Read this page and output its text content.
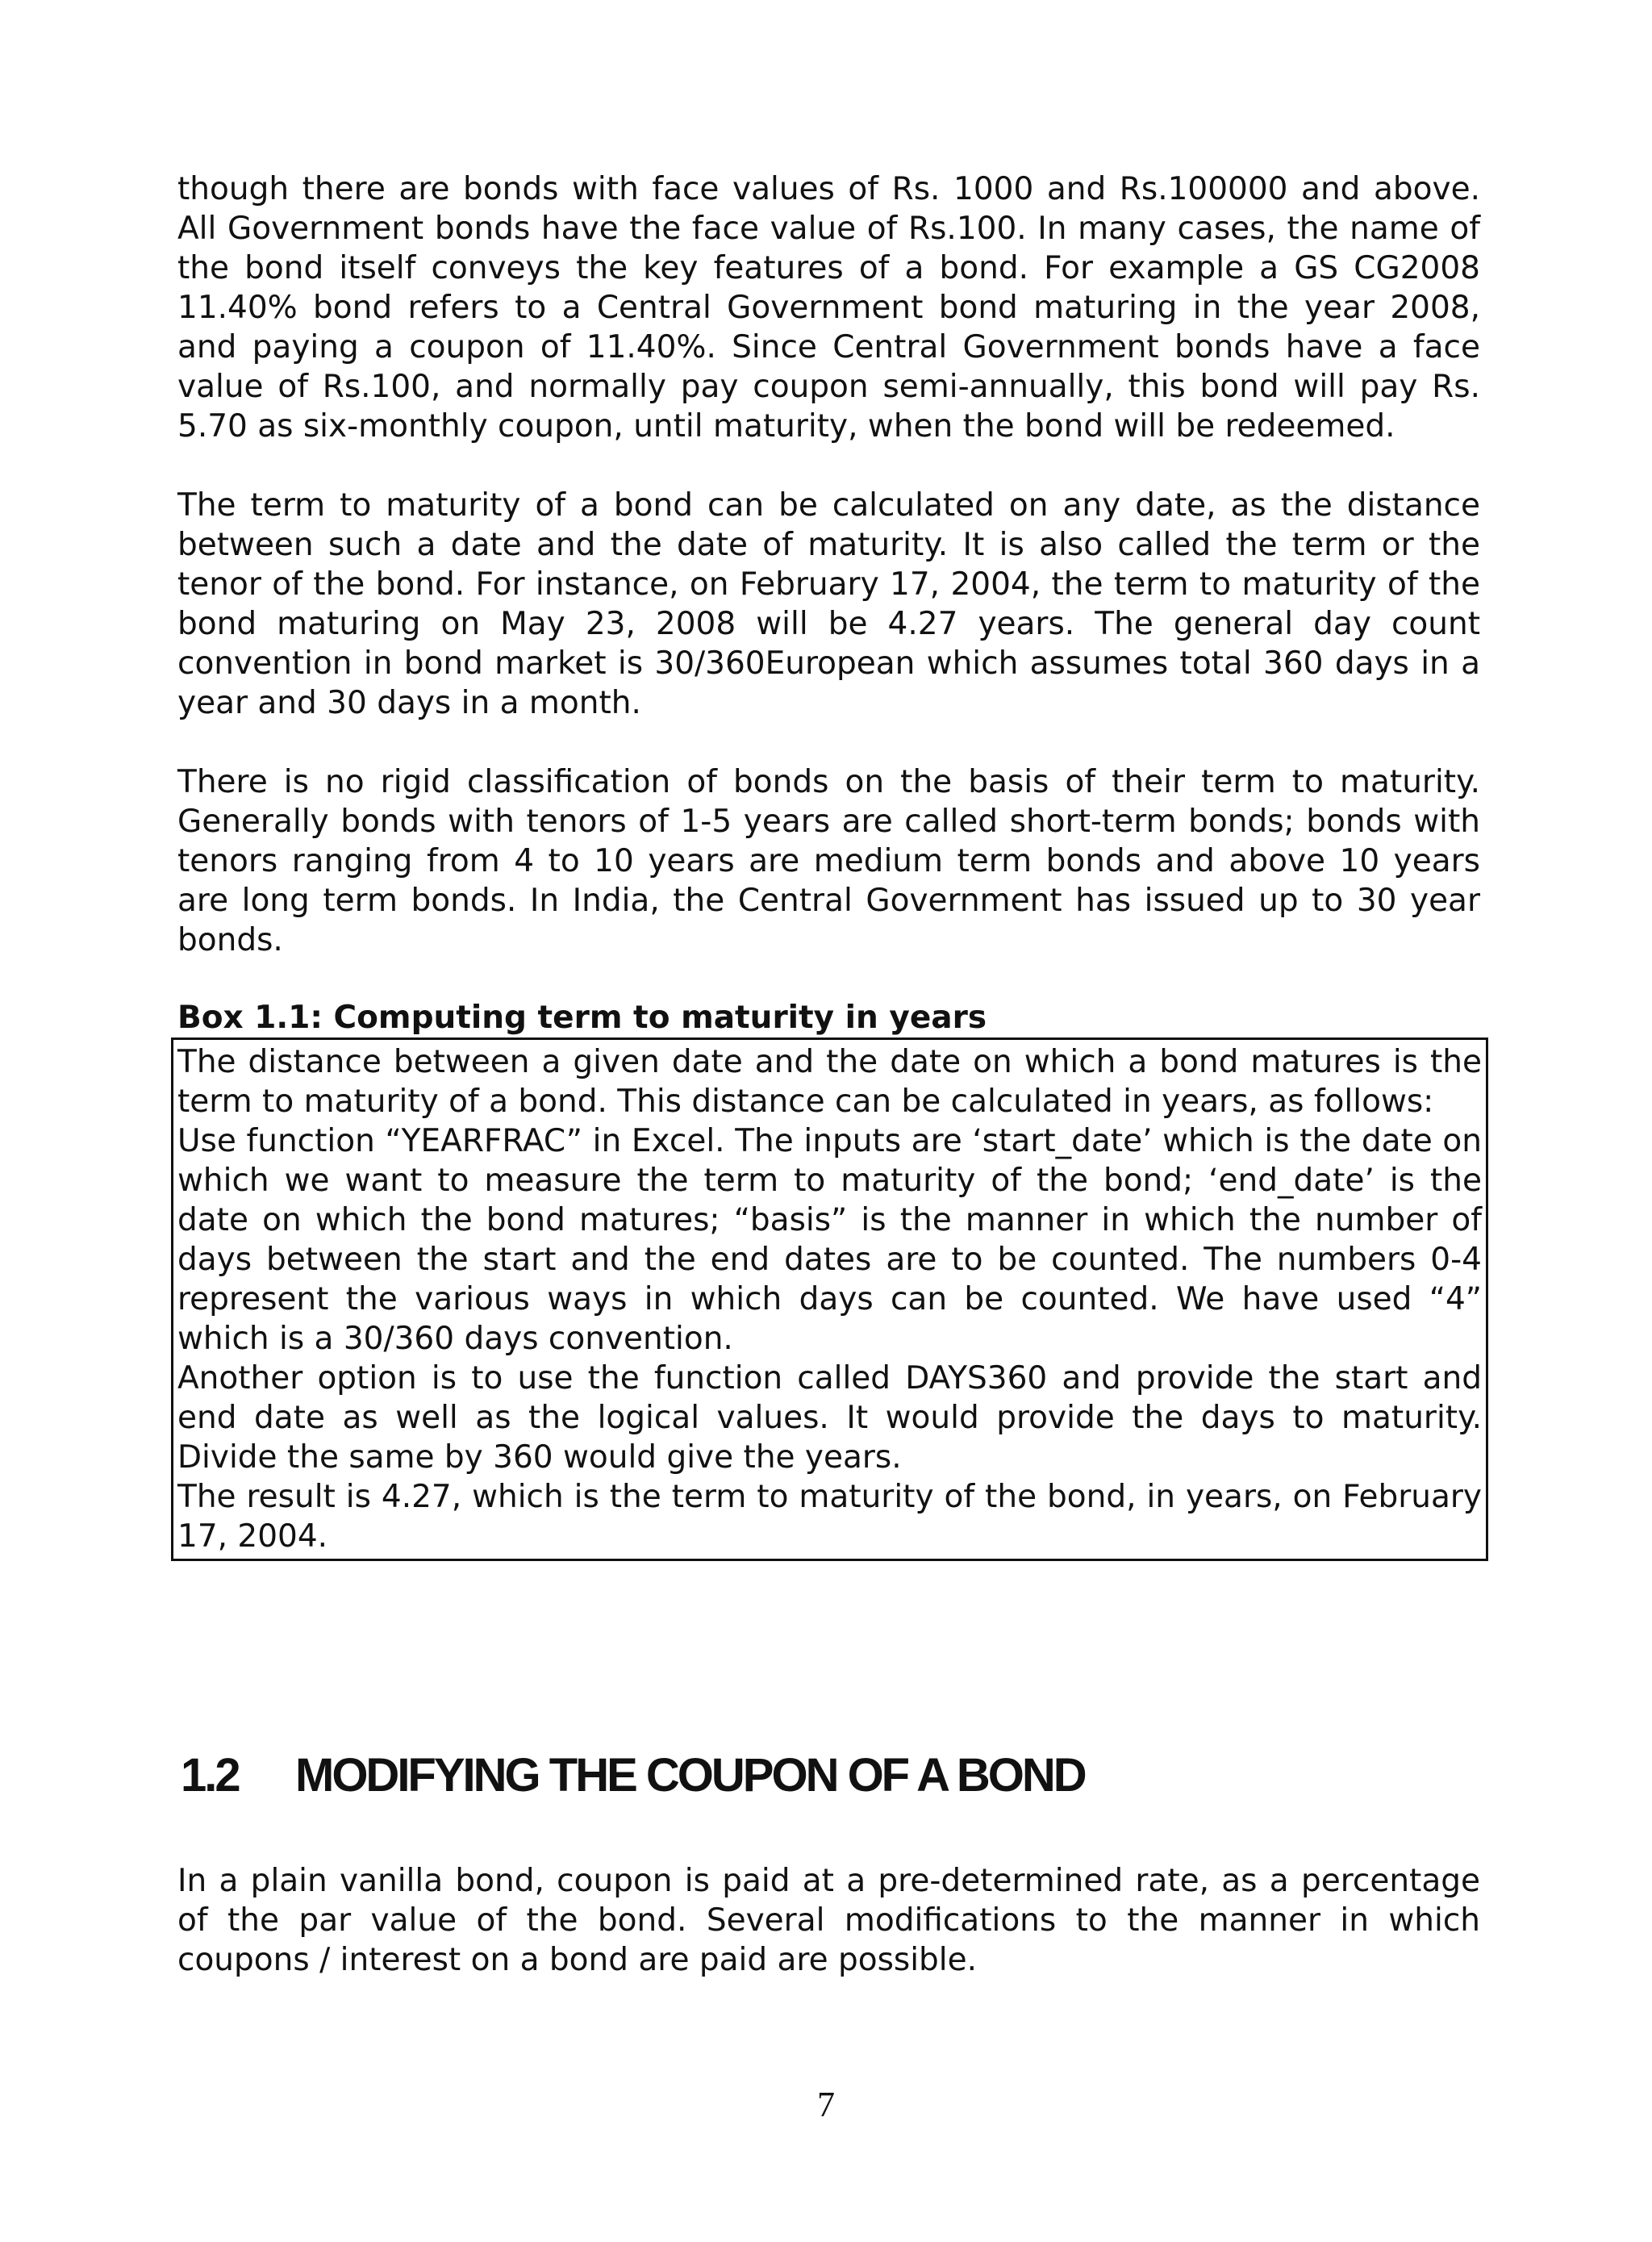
though there are bonds with face values of Rs. 1000 and Rs.100000 and above. All Government bonds have the face value of Rs.100. In many cases, the name of the bond itself conveys the key features of a bond. For example a GS CG2008 11.40% bond refers to a Central Government bond maturing in the year 2008, and paying a coupon of 11.40%. Since Central Government bonds have a face value of Rs.100, and normally pay coupon semi-annually, this bond will pay Rs. 5.70 as six-monthly coupon, until maturity, when the bond will be redeemed.

The term to maturity of a bond can be calculated on any date, as the distance between such a date and the date of maturity. It is also called the term or the tenor of the bond. For instance, on February 17, 2004, the term to maturity of the bond maturing on May 23, 2008 will be 4.27 years. The general day count convention in bond market is 30/360European which assumes total 360 days in a year and 30 days in a month.

There is no rigid classification of bonds on the basis of their term to maturity. Generally bonds with tenors of 1-5 years are called short-term bonds; bonds with tenors ranging from 4 to 10 years are medium term bonds and above 10 years are long term bonds. In India, the Central Government has issued up to 30 year bonds.

Box 1.1: Computing term to maturity in years

The distance between a given date and the date on which a bond matures is the term to maturity of a bond. This distance can be calculated in years, as follows:

Use function “YEARFRAC” in Excel. The inputs are ‘start_date’ which is the date on which we want to measure the term to maturity of the bond; ‘end_date’ is the date on which the bond matures; “basis” is the manner in which the number of days between the start and the end dates are to be counted. The numbers 0-4 represent the various ways in which days can be counted. We have used “4” which is a 30/360 days convention.

Another option is to use the function called DAYS360 and provide the start and end date as well as the logical values. It would provide the days to maturity. Divide the same by 360 would give the years.

The result is 4.27, which is the term to maturity of the bond, in years, on February 17, 2004.

1.2 MODIFYING THE COUPON OF A BOND

In a plain vanilla bond, coupon is paid at a pre-determined rate, as a percentage of the par value of the bond. Several modifications to the manner in which coupons / interest on a bond are paid are possible.

7
